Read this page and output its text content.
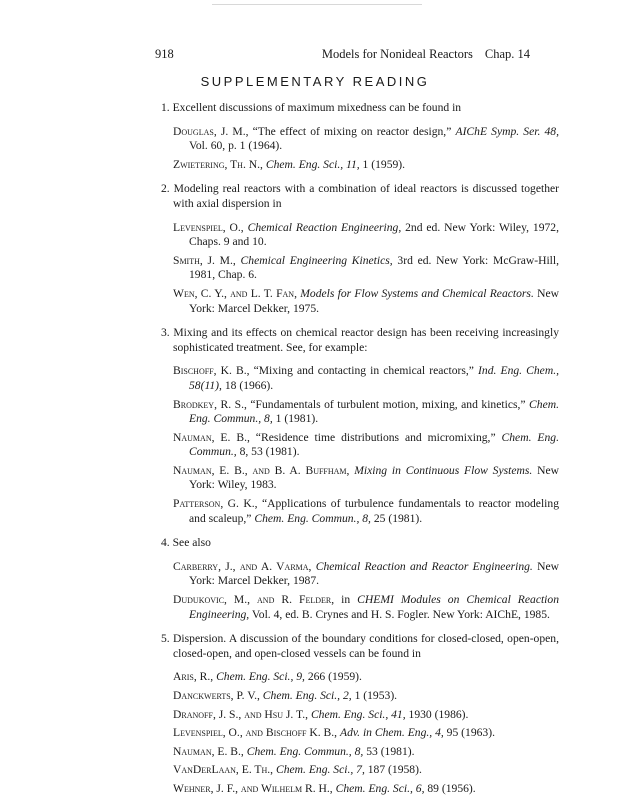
918	Models for Nonideal Reactors Chap. 14
SUPPLEMENTARY READING
1. Excellent discussions of maximum mixedness can be found in
Douglas, J. M., “The effect of mixing on reactor design,” AIChE Symp. Ser. 48, Vol. 60, p. 1 (1964).
Zwietering, Th. N., Chem. Eng. Sci., 11, 1 (1959).
2. Modeling real reactors with a combination of ideal reactors is discussed together with axial dispersion in
Levenspiel, O., Chemical Reaction Engineering, 2nd ed. New York: Wiley, 1972, Chaps. 9 and 10.
Smith, J. M., Chemical Engineering Kinetics, 3rd ed. New York: McGraw-Hill, 1981, Chap. 6.
Wen, C. Y., and L. T. Fan, Models for Flow Systems and Chemical Reactors. New York: Marcel Dekker, 1975.
3. Mixing and its effects on chemical reactor design has been receiving increasingly sophisticated treatment. See, for example:
Bischoff, K. B., “Mixing and contacting in chemical reactors,” Ind. Eng. Chem., 58(11), 18 (1966).
Brodkey, R. S., “Fundamentals of turbulent motion, mixing, and kinetics,” Chem. Eng. Commun., 8, 1 (1981).
Nauman, E. B., “Residence time distributions and micromixing,” Chem. Eng. Commun., 8, 53 (1981).
Nauman, E. B., and B. A. Buffham, Mixing in Continuous Flow Systems. New York: Wiley, 1983.
Patterson, G. K., “Applications of turbulence fundamentals to reactor modeling and scaleup,” Chem. Eng. Commun., 8, 25 (1981).
4. See also
Carberry, J., and A. Varma, Chemical Reaction and Reactor Engineering. New York: Marcel Dekker, 1987.
Dudukovic, M., and R. Felder, in CHEMI Modules on Chemical Reaction Engineering, Vol. 4, ed. B. Crynes and H. S. Fogler. New York: AIChE, 1985.
5. Dispersion. A discussion of the boundary conditions for closed-closed, open-open, closed-open, and open-closed vessels can be found in
Aris, R., Chem. Eng. Sci., 9, 266 (1959).
Danckwerts, P. V., Chem. Eng. Sci., 2, 1 (1953).
Dranoff, J. S., and Hsu J. T., Chem. Eng. Sci., 41, 1930 (1986).
Levenspiel, O., and Bischoff K. B., Adv. in Chem. Eng., 4, 95 (1963).
Nauman, E. B., Chem. Eng. Commun., 8, 53 (1981).
VanDerLaan, E. Th., Chem. Eng. Sci., 7, 187 (1958).
Wehner, J. F., and Wilhelm R. H., Chem. Eng. Sci., 6, 89 (1956).
